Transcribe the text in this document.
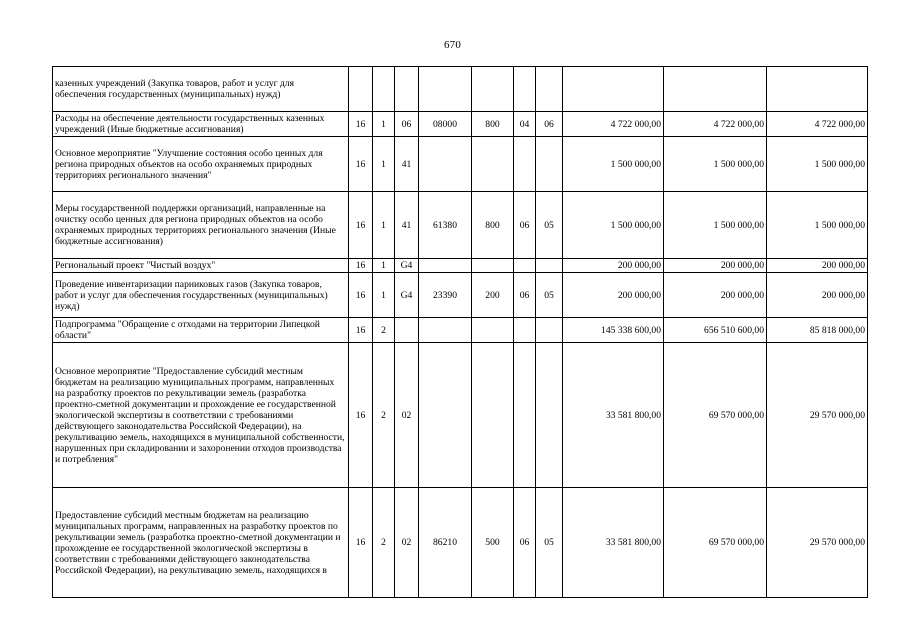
670
казенных учреждений (Закупка товаров, работ и услуг для обеспечения государственных (муниципальных) нужд)										
Расходы на обеспечение деятельности государственных казенных учреждений (Иные бюджетные ассигнования)	16	1	06	08000	800	04	06	4 722 000,00	4 722 000,00	4 722 000,00
Основное мероприятие "Улучшение состояния особо ценных для региона природных объектов на особо охраняемых природных территориях регионального значения"	16	1	41					1 500 000,00	1 500 000,00	1 500 000,00
Меры государственной поддержки организаций, направленные на очистку особо ценных для региона природных объектов на особо охраняемых природных территориях регионального значения (Иные бюджетные ассигнования)	16	1	41	61380	800	06	05	1 500 000,00	1 500 000,00	1 500 000,00
Региональный проект "Чистый воздух"	16	1	G4					200 000,00	200 000,00	200 000,00
Проведение инвентаризации парниковых газов (Закупка товаров, работ и услуг для обеспечения государственных (муниципальных) нужд)	16	1	G4	23390	200	06	05	200 000,00	200 000,00	200 000,00
Подпрограмма "Обращение с отходами на территории Липецкой области"	16	2						145 338 600,00	656 510 600,00	85 818 000,00
Основное мероприятие "Предоставление субсидий местным бюджетам на реализацию муниципальных программ, направленных на разработку проектов по рекультивации земель (разработка проектно-сметной документации и прохождение ее государственной экологической экспертизы в соответствии с требованиями действующего законодательства Российской Федерации), на рекультивацию земель, находящихся в муниципальной собственности, нарушенных при складировании и захоронении отходов производства и потребления"	16	2	02					33 581 800,00	69 570 000,00	29 570 000,00
Предоставление субсидий местным бюджетам на реализацию муниципальных программ, направленных на разработку проектов по рекультивации земель (разработка проектно-сметной документации и прохождение ее государственной экологической экспертизы в соответствии с требованиями действующего законодательства Российской Федерации), на рекультивацию земель, находящихся в	16	2	02	86210	500	06	05	33 581 800,00	69 570 000,00	29 570 000,00
